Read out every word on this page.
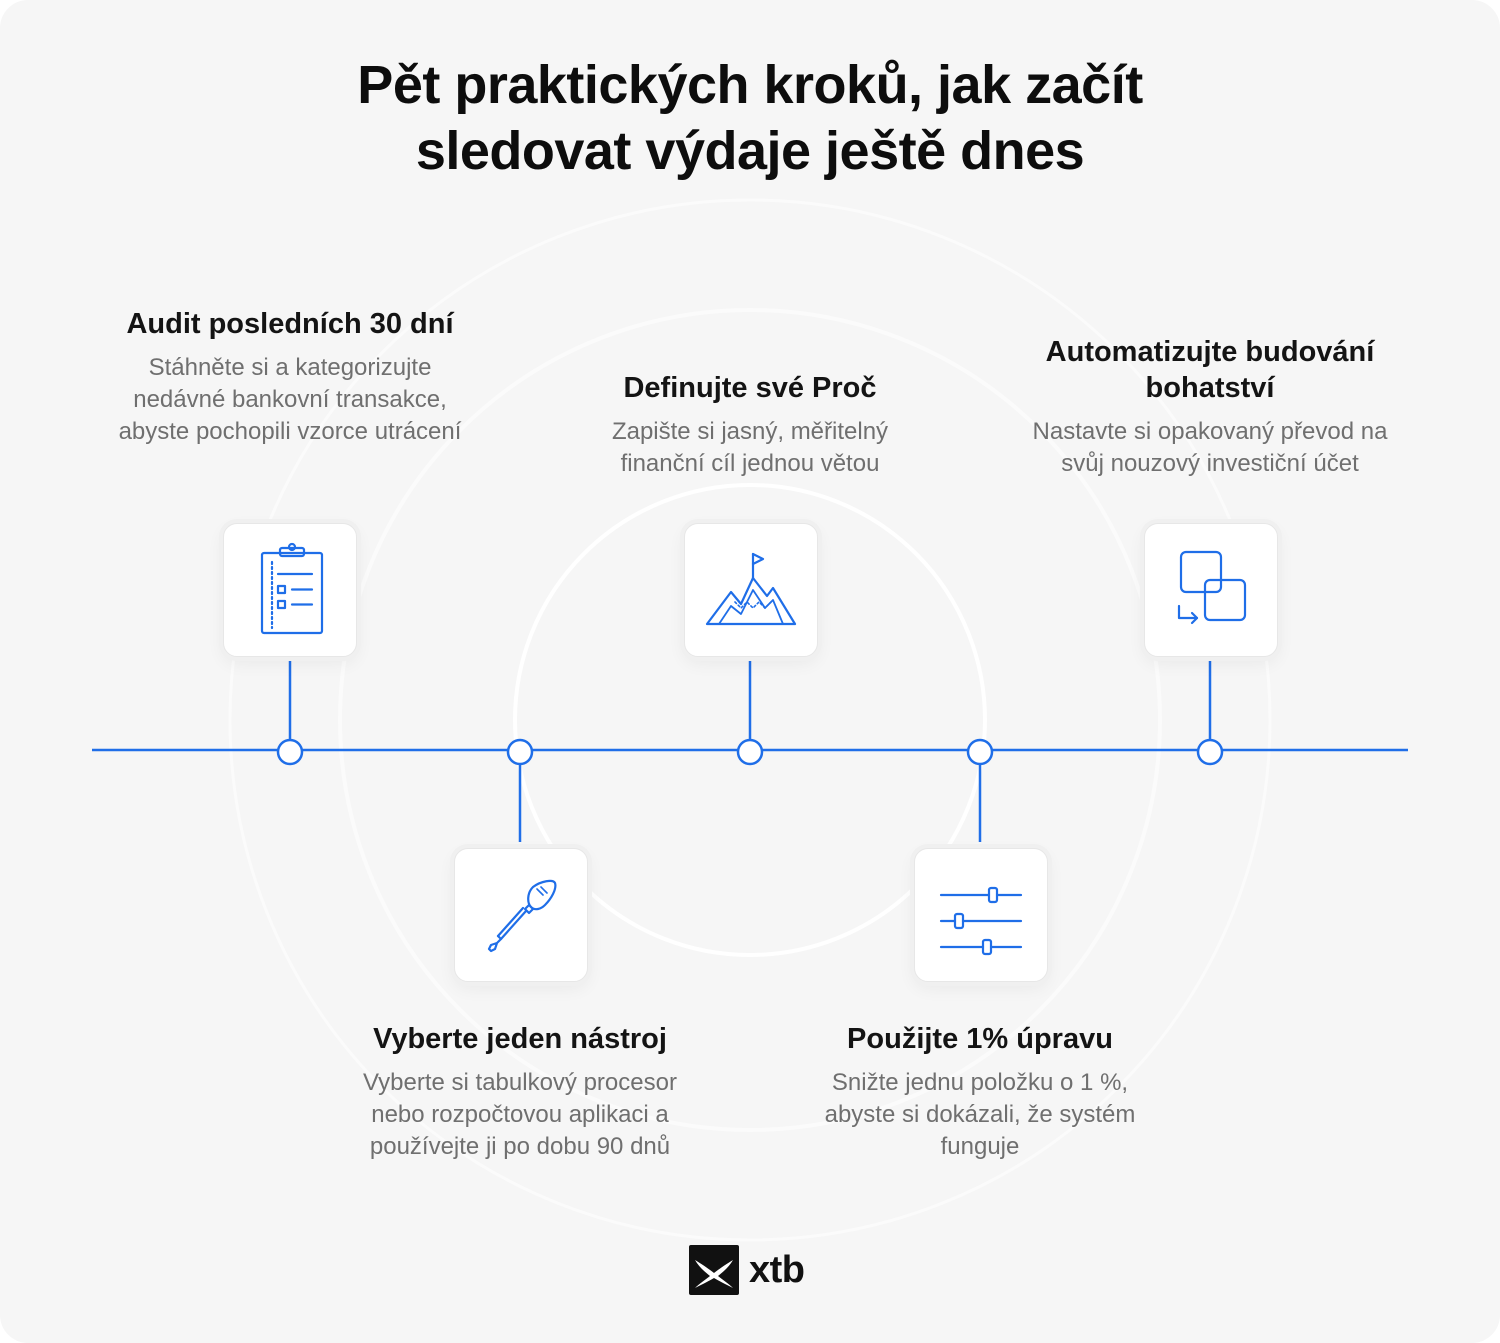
Pět praktických kroků, jak začít sledovat výdaje ještě dnes
Audit posledních 30 dní

Stáhněte si a kategorizujte nedávné bankovní transakce, abyste pochopili vzorce utrácení

Vyberte jeden nástroj

Vyberte si tabulkový procesor nebo rozpočtovou aplikaci a používejte ji po dobu 90 dnů

Definujte své Proč

Zapište si jasný, měřitelný finanční cíl jednou větou

Použijte 1% úpravu

Snižte jednu položku o 1 %, abyste si dokázali, že systém funguje

Automatizujte budování bohatství

Nastavte si opakovaný převod na svůj nouzový investiční účet

xtb
